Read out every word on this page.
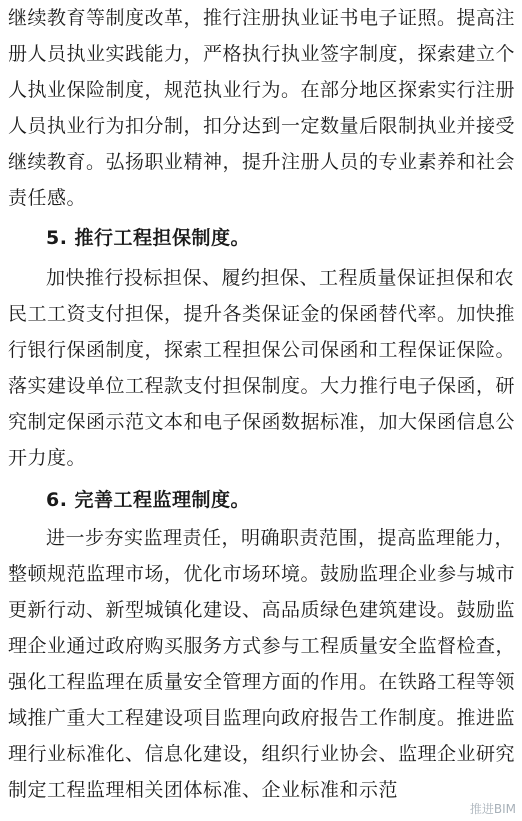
继续教育等制度改革，推行注册执业证书电子证照。提高注
册人员执业实践能力，严格执行执业签字制度，探索建立个
人执业保险制度，规范执业行为。在部分地区探索实行注册
人员执业行为扣分制，扣分达到一定数量后限制执业并接受
继续教育。弘扬职业精神，提升注册人员的专业素养和社会
责任感。
5. 推行工程担保制度。
加快推行投标担保、履约担保、工程质量保证担保和农
民工工资支付担保，提升各类保证金的保函替代率。加快推
行银行保函制度，探索工程担保公司保函和工程保证保险。
落实建设单位工程款支付担保制度。大力推行电子保函，研
究制定保函示范文本和电子保函数据标准，加大保函信息公
开力度。
6. 完善工程监理制度。
进一步夯实监理责任，明确职责范围，提高监理能力，
整顿规范监理市场，优化市场环境。鼓励监理企业参与城市
更新行动、新型城镇化建设、高品质绿色建筑建设。鼓励监
理企业通过政府购买服务方式参与工程质量安全监督检查，
强化工程监理在质量安全管理方面的作用。在铁路工程等领
域推广重大工程建设项目监理向政府报告工作制度。推进监
理行业标准化、信息化建设，组织行业协会、监理企业研究
制定工程监理相关团体标准、企业标准和示范
推进BIM
